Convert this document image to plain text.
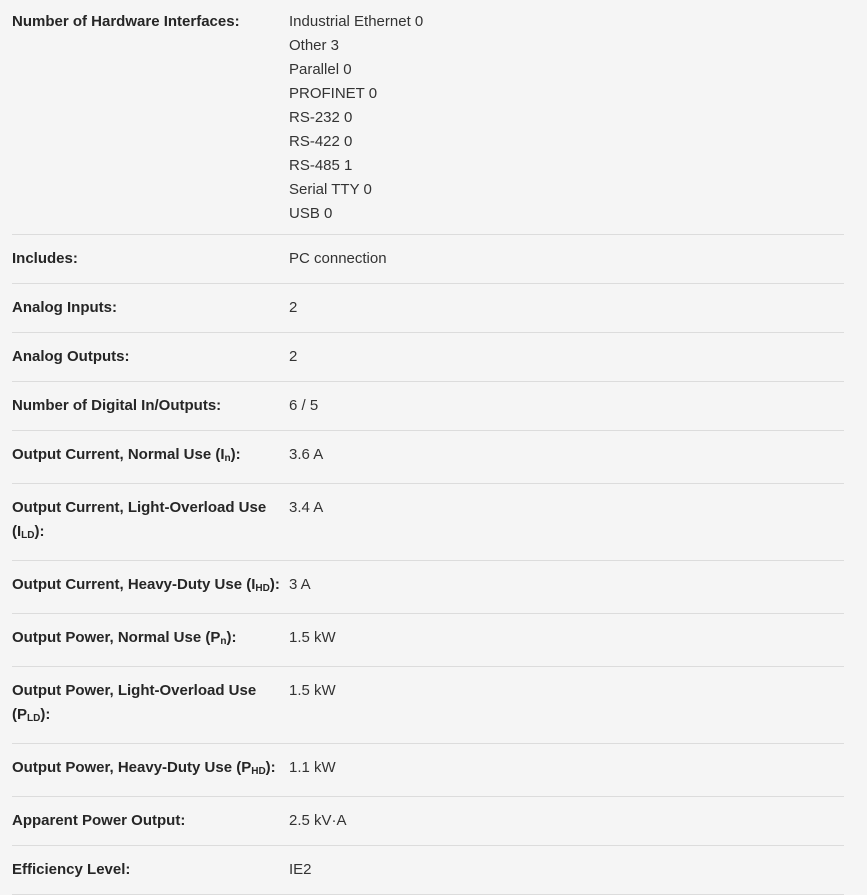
Number of Hardware Interfaces:	Industrial Ethernet 0
Other 3
Parallel 0
PROFINET 0
RS-232 0
RS-422 0
RS-485 1
Serial TTY 0
USB 0
Includes:	PC connection
Analog Inputs:	2
Analog Outputs:	2
Number of Digital In/Outputs:	6 / 5
Output Current, Normal Use $(I_n)$:	3.6 A
Output Current, Light-Overload Use $(I_{LD})$:
3.4 A
Output Current, Heavy-Duty Use $(I_{HD})$: 3 A
Output Power, Normal Use $(P_n)$:	1.5 kW
Output Power, Light-Overload Use $(P_{LD})$:
1.5 kW
Output Power, Heavy-Duty Use $(P_{HD})$: 1.1 kW
Apparent Power Output:	2.5 kV·A
Efficiency Level:	IE2
